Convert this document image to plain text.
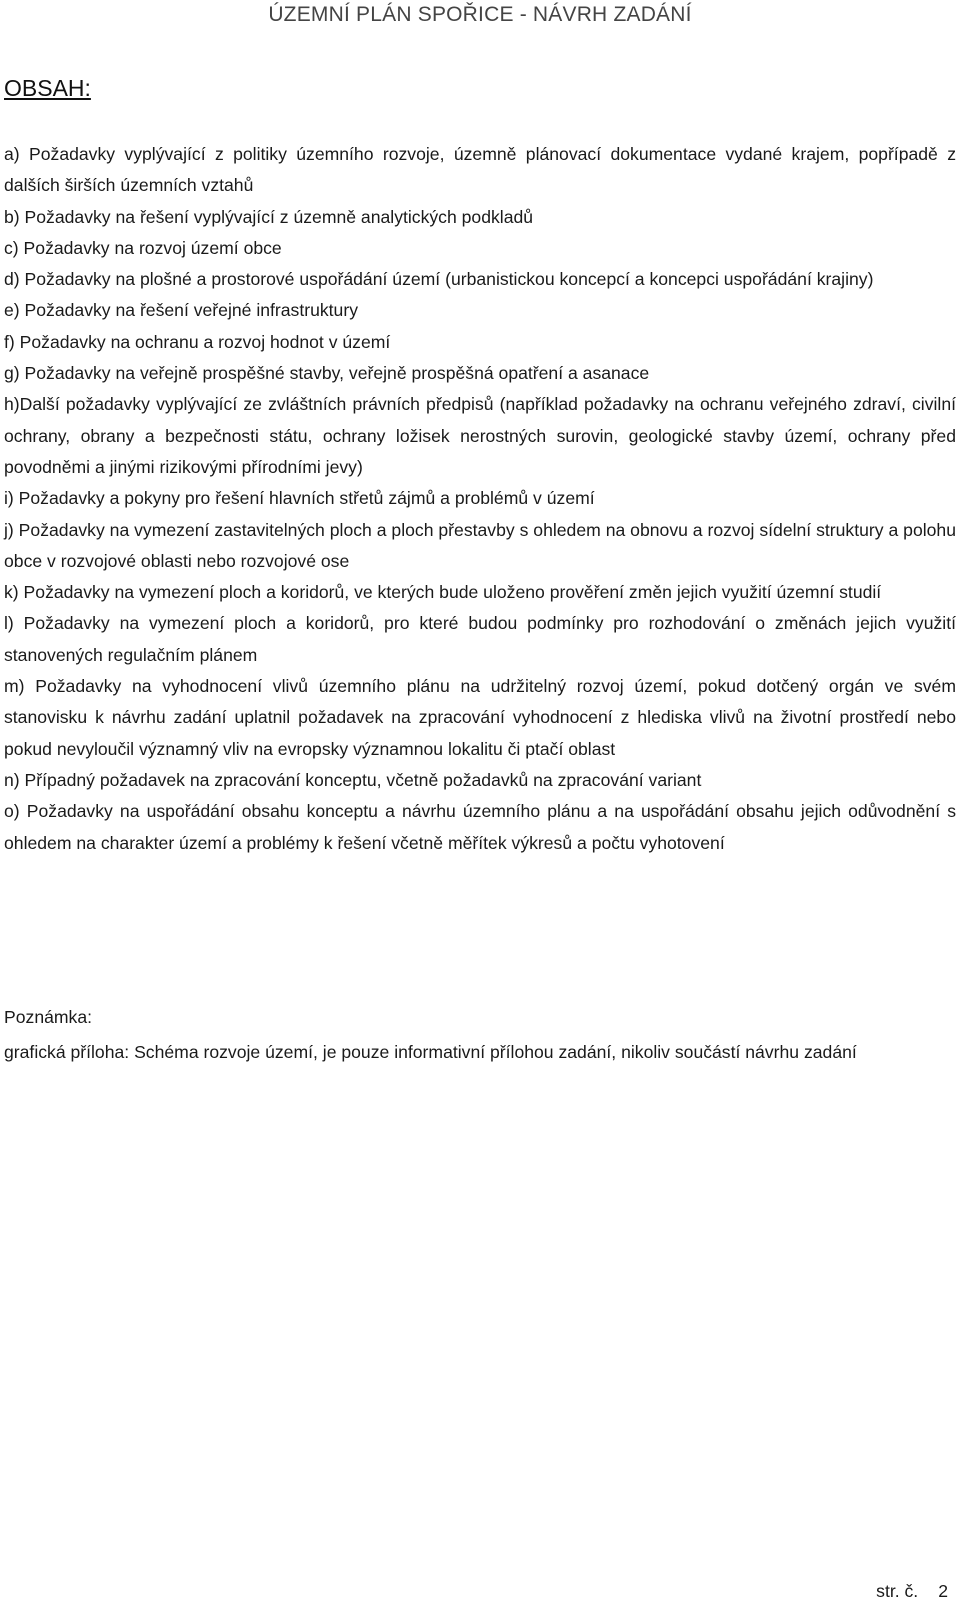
ÚZEMNÍ PLÁN SPOŘICE - NÁVRH ZADÁNÍ
OBSAH:
a) Požadavky vyplývající z politiky územního rozvoje, územně plánovací dokumentace vydané krajem, popřípadě z dalších širších územních vztahů
b) Požadavky na řešení vyplývající z územně analytických podkladů
c) Požadavky na rozvoj území obce
d) Požadavky na plošné a prostorové uspořádání území (urbanistickou koncepcí a koncepci uspořádání krajiny)
e) Požadavky na řešení veřejné infrastruktury
f) Požadavky na ochranu a rozvoj hodnot v území
g) Požadavky na veřejně prospěšné stavby, veřejně prospěšná opatření a asanace
h)Další požadavky vyplývající ze zvláštních právních předpisů (například požadavky na ochranu veřejného zdraví, civilní ochrany, obrany a bezpečnosti státu, ochrany ložisek nerostných surovin, geologické stavby území, ochrany před povodněmi a jinými rizikovými přírodními jevy)
i) Požadavky a pokyny pro řešení hlavních střetů zájmů a problémů v území
j) Požadavky na vymezení zastavitelných ploch a ploch přestavby s ohledem na obnovu a rozvoj sídelní struktury a polohu obce v rozvojové oblasti nebo rozvojové ose
k) Požadavky na vymezení ploch a koridorů, ve kterých bude uloženo prověření změn jejich využití územní studií
l) Požadavky na vymezení ploch a koridorů, pro které budou podmínky pro rozhodování o změnách jejich využití stanovených regulačním plánem
m) Požadavky na vyhodnocení vlivů územního plánu na udržitelný rozvoj území, pokud dotčený orgán ve svém stanovisku k návrhu zadání uplatnil požadavek na zpracování vyhodnocení z hlediska vlivů na životní prostředí nebo pokud nevyloučil významný vliv na evropsky významnou lokalitu či ptačí oblast
n) Případný požadavek na zpracování konceptu, včetně požadavků na zpracování variant
o) Požadavky na uspořádání obsahu konceptu a návrhu územního plánu a na uspořádání obsahu jejich odůvodnění s ohledem na charakter území a problémy k řešení včetně měřítek výkresů a počtu vyhotovení
Poznámka:
grafická příloha: Schéma rozvoje území, je pouze informativní přílohou zadání, nikoliv součástí návrhu zadání
str. č. 2
